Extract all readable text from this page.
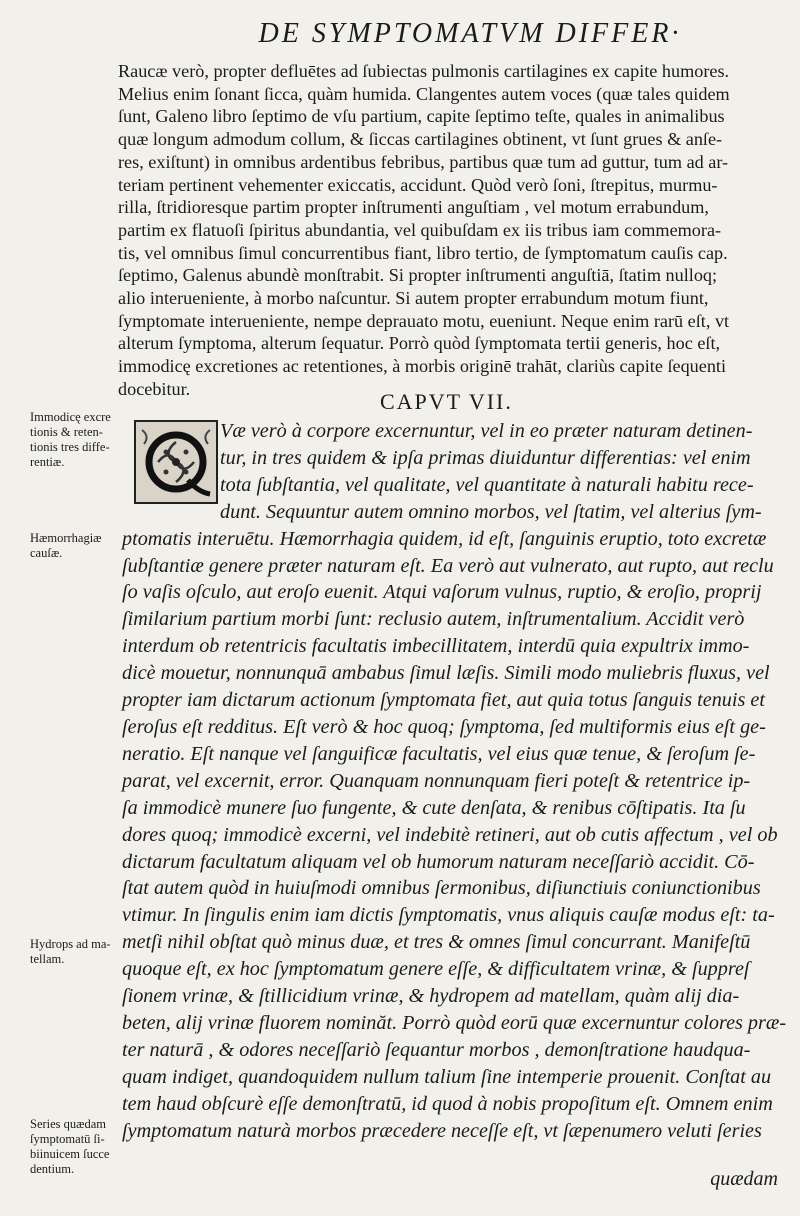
DE SYMPTOMATVM DIFFER·
Raucæ verò, propter defluētes ad ſubiectas pulmonis cartilagines ex capite humores.
Melius enim ſonant ſicca, quàm humida. Clangentes autem voces (quæ tales quidem
ſunt, Galeno libro ſeptimo de vſu partium, capite ſeptimo teſte, quales in animalibus
quæ longum admodum collum, & ſiccas cartilagines obtinent, vt ſunt grues & anſe-
res, exiſtunt) in omnibus ardentibus febribus, partibus quæ tum ad guttur, tum ad ar-
teriam pertinent vehementer exiccatis, accidunt. Quòd verò ſoni, ſtrepitus, murmu-
rilla, ſtridioresque partim propter inſtrumenti anguſtiam , vel motum errabundum,
partim ex flatuoſi ſpiritus abundantia, vel quibuſdam ex iis tribus iam commemora-
tis, vel omnibus ſimul concurrentibus fiant, libro tertio, de ſymptomatum cauſis cap.
ſeptimo, Galenus abundè monſtrabit. Si propter inſtrumenti anguſtiā, ſtatim nulloq;
alio interueniente, à morbo naſcuntur. Si autem propter errabundum motum fiunt,
ſymptomate interueniente, nempe deprauato motu, eueniunt. Neque enim rarū eſt, vt
alterum ſymptoma, alterum ſequatur. Porrò quòd ſymptomata tertii generis, hoc eſt,
immodicę excretiones ac retentiones, à morbis originē trahāt, clariùs capite ſequenti
docebitur.
CAPVT VII.
Væ verò à corpore excernuntur, vel in eo præter naturam detinen-
tur, in tres quidem & ipſa primas diuiduntur differentias: vel enim
tota ſubſtantia, vel qualitate, vel quantitate à naturali habitu rece-
dunt. Sequuntur autem omnino morbos, vel ſtatim, vel alterius ſym-
ptomatis interuētu. Hæmorrhagia quidem, id eſt, ſanguinis eruptio, toto excretæ
ſubſtantiæ genere præter naturam eſt. Ea verò aut vulnerato, aut rupto, aut reclu
ſo vaſis oſculo, aut eroſo euenit. Atqui vaſorum vulnus, ruptio, & eroſio, proprij
ſimilarium partium morbi ſunt: reclusio autem, inſtrumentalium. Accidit verò
interdum ob retentricis facultatis imbecillitatem, interdū quia expultrix immo-
dicè mouetur, nonnunquā ambabus ſimul læſis. Simili modo muliebris fluxus, vel
propter iam dictarum actionum ſymptomata fiet, aut quia totus ſanguis tenuis et
ſeroſus eſt redditus. Eſt verò & hoc quoq; ſymptoma, ſed multiformis eius eſt ge-
neratio. Eſt nanque vel ſanguificæ facultatis, vel eius quæ tenue, & ſeroſum ſe-
parat, vel excernit, error. Quanquam nonnunquam fieri poteſt & retentrice ip-
ſa immodicè munere ſuo fungente, & cute denſata, & renibus cōſtipatis. Ita ſu
dores quoq; immodicè excerni, vel indebitè retineri, aut ob cutis affectum , vel ob
dictarum facultatum aliquam vel ob humorum naturam neceſſariò accidit. Cō-
ſtat autem quòd in huiuſmodi omnibus ſermonibus, diſiunctiuis coniunctionibus
vtimur. In ſingulis enim iam dictis ſymptomatis, vnus aliquis cauſæ modus eſt: ta-
metſi nihil obſtat quò minus duæ, et tres & omnes ſimul concurrant. Manifeſtū
quoque eſt, ex hoc ſymptomatum genere eſſe, & difficultatem vrinæ, & ſuppreſ
ſionem vrinæ, & ſtillicidium vrinæ, & hydropem ad matellam, quàm alij dia-
beten, alij vrinæ fluorem nominăt. Porrò quòd eorū quæ excernuntur colores præ-
ter naturā , & odores neceſſariò ſequantur morbos , demonſtratione haudqua-
quam indiget, quandoquidem nullum talium ſine intemperie prouenit. Conſtat au
tem haud obſcurè eſſe demonſtratū, id quod à nobis propoſitum eſt. Omnem enim
ſymptomatum naturà morbos præcedere neceſſe eſt, vt ſæpenumero veluti ſeries
quædam
Immodicę excre
tionis & reten-
tionis tres diffe-
rentiæ.
Hæmorrhagiæ
cauſæ.
Hydrops ad ma-
tellam.
Series quædam
ſymptomatū ſi-
biinuicem ſucce
dentium.
